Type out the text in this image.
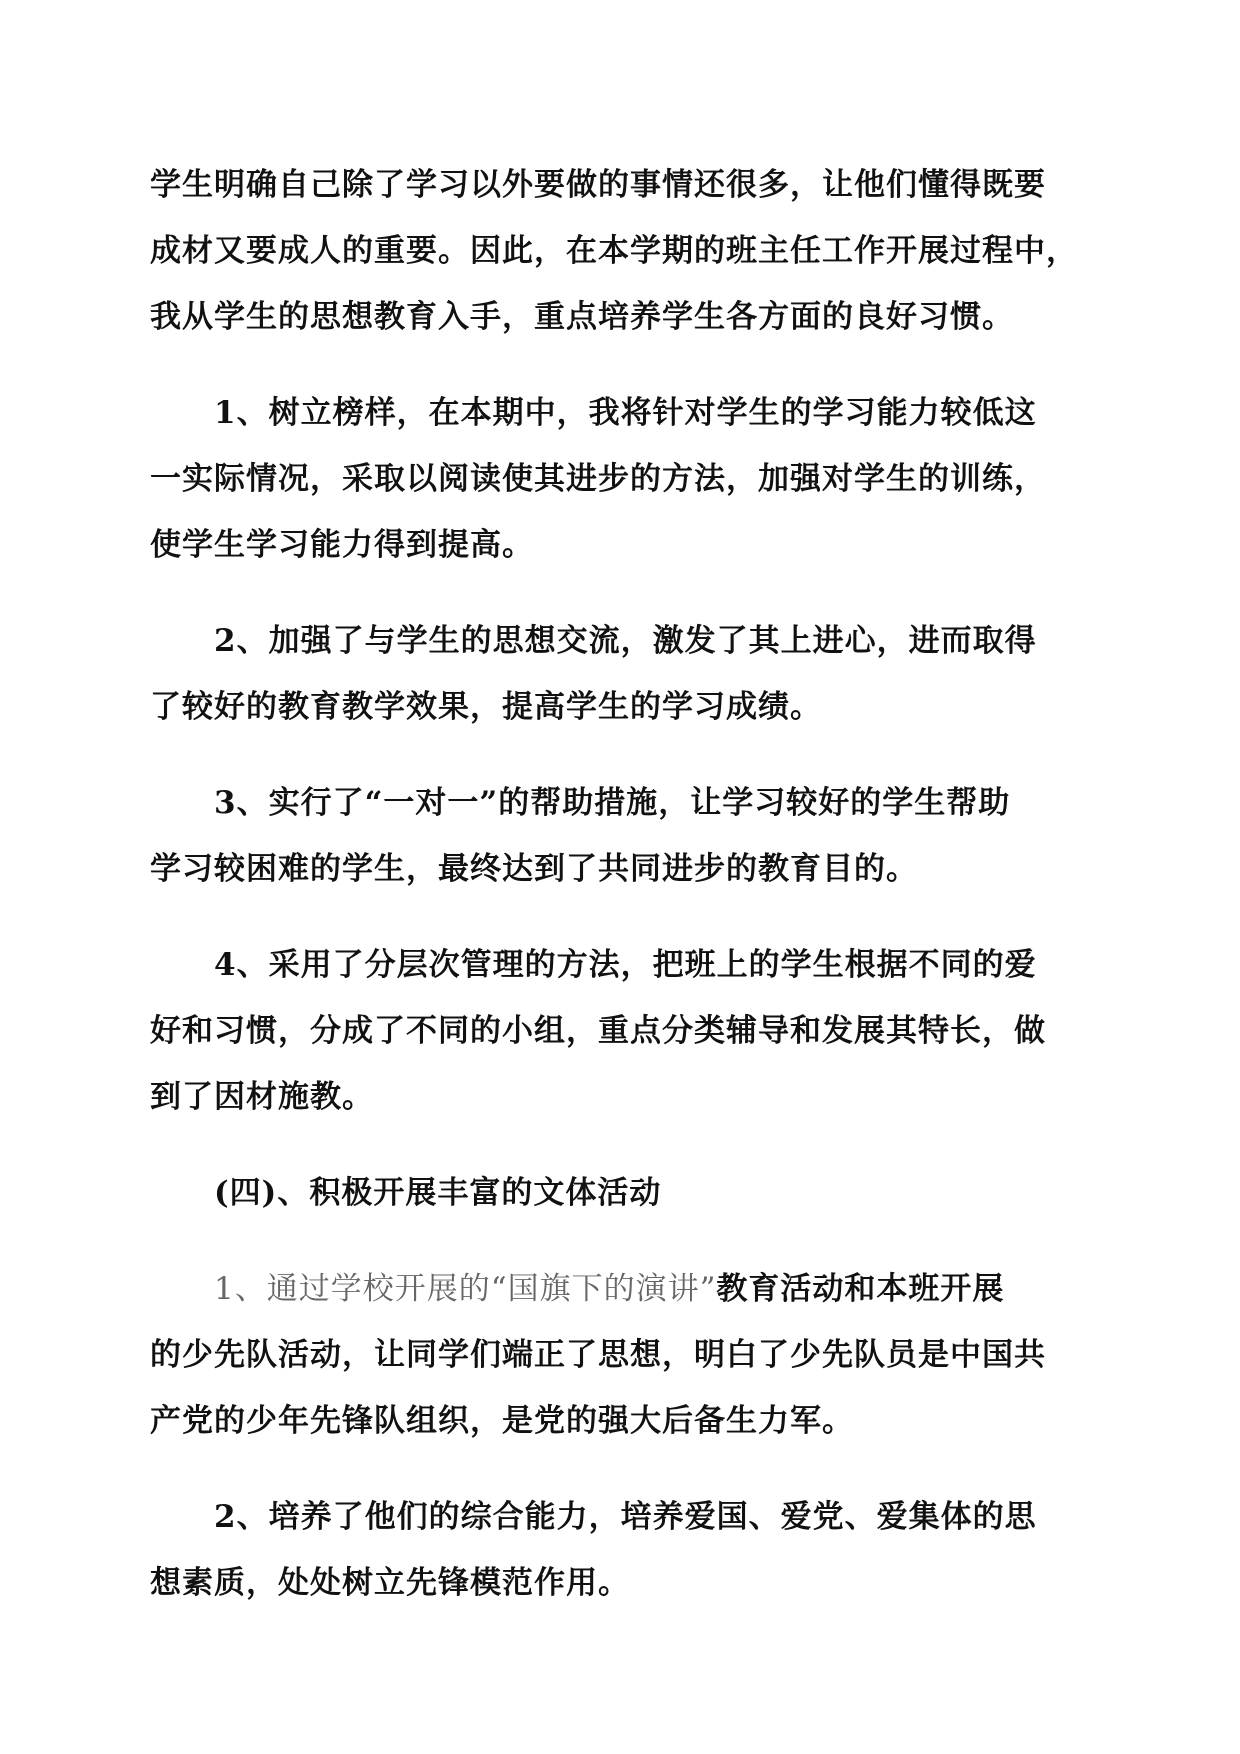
学生明确自己除了学习以外要做的事情还很多，让他们懂得既要

成材又要成人的重要。因此，在本学期的班主任工作开展过程中，

我从学生的思想教育入手，重点培养学生各方面的良好习惯。

1、树立榜样，在本期中，我将针对学生的学习能力较低这

一实际情况，采取以阅读使其进步的方法，加强对学生的训练，

使学生学习能力得到提高。

2、加强了与学生的思想交流，激发了其上进心，进而取得

了较好的教育教学效果，提高学生的学习成绩。

3、实行了“一对一”的帮助措施，让学习较好的学生帮助

学习较困难的学生，最终达到了共同进步的教育目的。

4、采用了分层次管理的方法，把班上的学生根据不同的爱

好和习惯，分成了不同的小组，重点分类辅导和发展其特长，做

到了因材施教。

(四)、积极开展丰富的文体活动

1、通过学校开展的“国旗下的演讲”教育活动和本班开展

的少先队活动，让同学们端正了思想，明白了少先队员是中国共

产党的少年先锋队组织，是党的强大后备生力军。

2、培养了他们的综合能力，培养爱国、爱党、爱集体的思

想素质，处处树立先锋模范作用。
